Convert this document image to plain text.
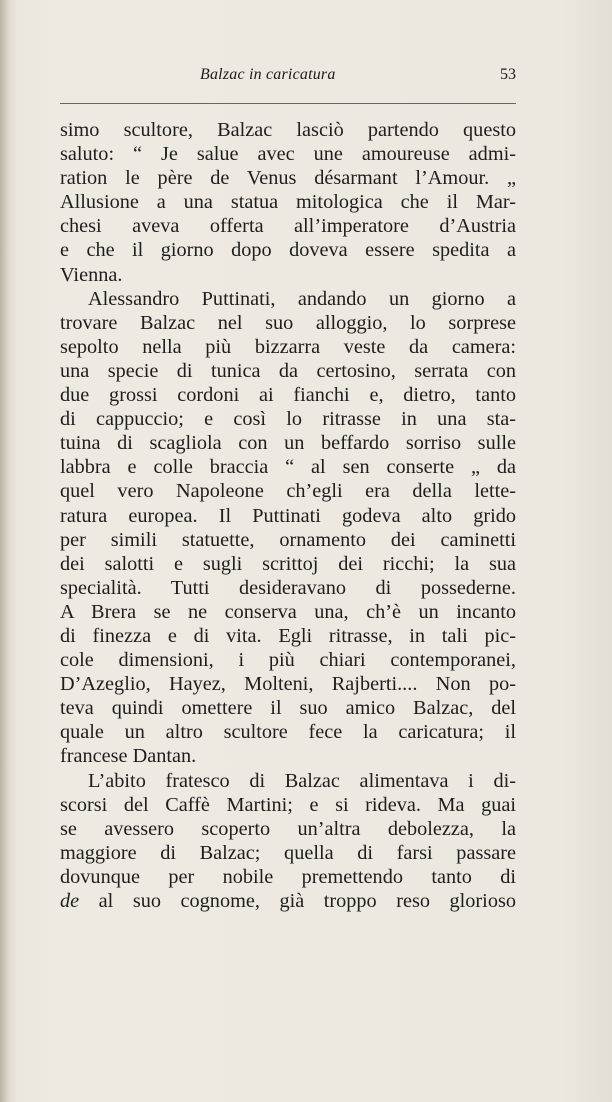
Balzac in caricatura	53
simo scultore, Balzac lasciò partendo questo
saluto: “ Je salue avec une amoureuse admi-
ration le père de Venus désarmant l’Amour. „
Allusione a una statua mitologica che il Mar-
chesi aveva offerta all’imperatore d’Austria
e che il giorno dopo doveva essere spedita a
Vienna.
Alessandro Puttinati, andando un giorno a
trovare Balzac nel suo alloggio, lo sorprese
sepolto nella più bizzarra veste da camera:
una specie di tunica da certosino, serrata con
due grossi cordoni ai fianchi e, dietro, tanto
di cappuccio; e così lo ritrasse in una sta-
tuina di scagliola con un beffardo sorriso sulle
labbra e colle braccia “ al sen conserte „ da
quel vero Napoleone ch’egli era della lette-
ratura europea. Il Puttinati godeva alto grido
per simili statuette, ornamento dei caminetti
dei salotti e sugli scrittoj dei ricchi; la sua
specialità. Tutti desideravano di possederne.
A Brera se ne conserva una, ch’è un incanto
di finezza e di vita. Egli ritrasse, in tali pic-
cole dimensioni, i più chiari contemporanei,
D’Azeglio, Hayez, Molteni, Rajberti.... Non po-
teva quindi omettere il suo amico Balzac, del
quale un altro scultore fece la caricatura; il
francese Dantan.
L’abito fratesco di Balzac alimentava i di-
scorsi del Caffè Martini; e si rideva. Ma guai
se avessero scoperto un’altra debolezza, la
maggiore di Balzac; quella di farsi passare
dovunque per nobile premettendo tanto di
de al suo cognome, già troppo reso glorioso
